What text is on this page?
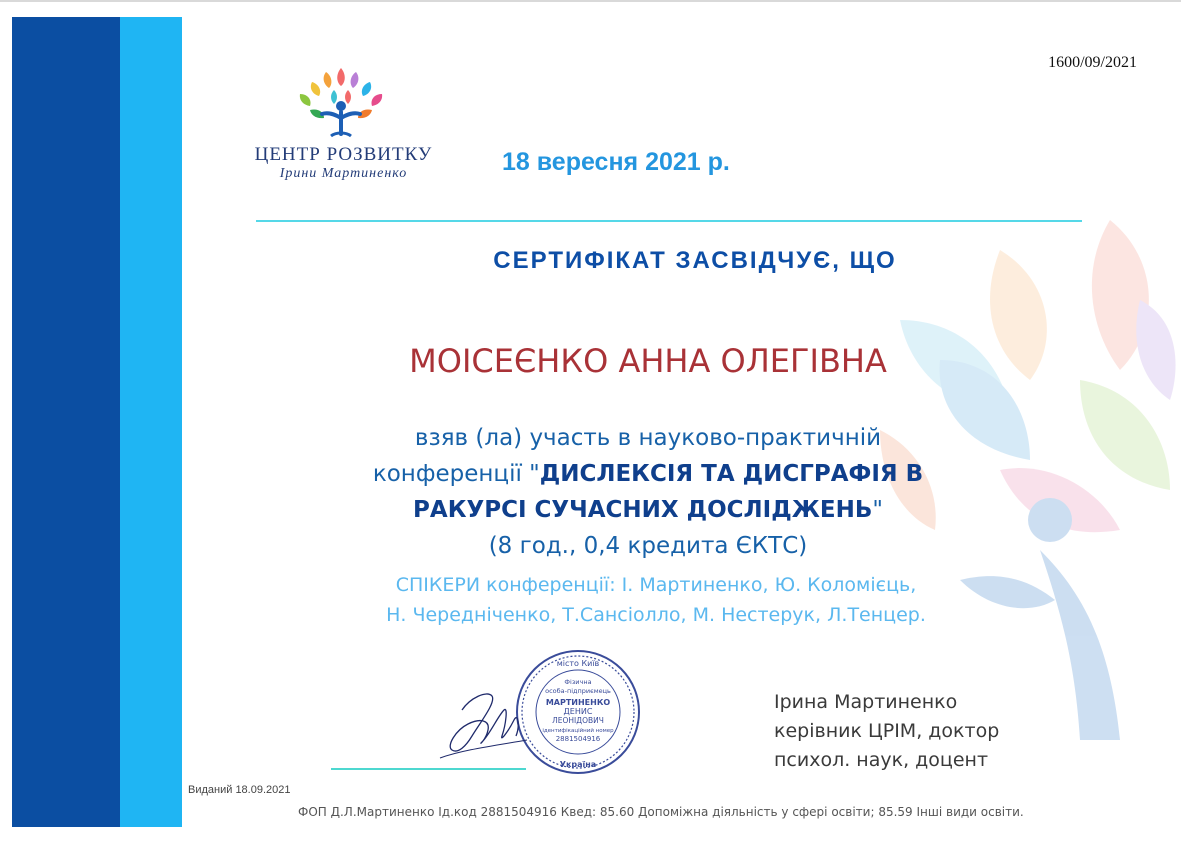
1600/09/2021
ЦЕНТР РОЗВИТКУ
Ірини Мартиненко	18 вересня 2021 р.
СЕРТИФІКАТ ЗАСВІДЧУЄ, ЩО
МОІСЕЄНКО АННА ОЛЕГІВНА
взяв (ла) участь в науково-практичній
конференції "ДИСЛЕКСІЯ ТА ДИСГРАФІЯ В
РАКУРСІ СУЧАСНИХ ДОСЛІДЖЕНЬ"
(8 год., 0,4 кредита ЄКТС)
СПІКЕРИ конференції: І. Мартиненко, Ю. Коломієць,
Н. Чередніченко, Т.Сансіолло, М. Нестерук, Л.Тенцер.
місто Київ
Фізична
особа-підприємець
МАРТИНЕНКО
ДЕНИС
ЛЕОНІДОВИЧ
ідентифікаційний номер
2881504916
Україна
Ірина Мартиненко
керівник ЦРІМ, доктор
психол. наук, доцент
Виданий 18.09.2021
ФОП Д.Л.Мартиненко Ід.код 2881504916 Квед: 85.60 Допоміжна діяльність у сфері освіти; 85.59 Інші види освіти.
